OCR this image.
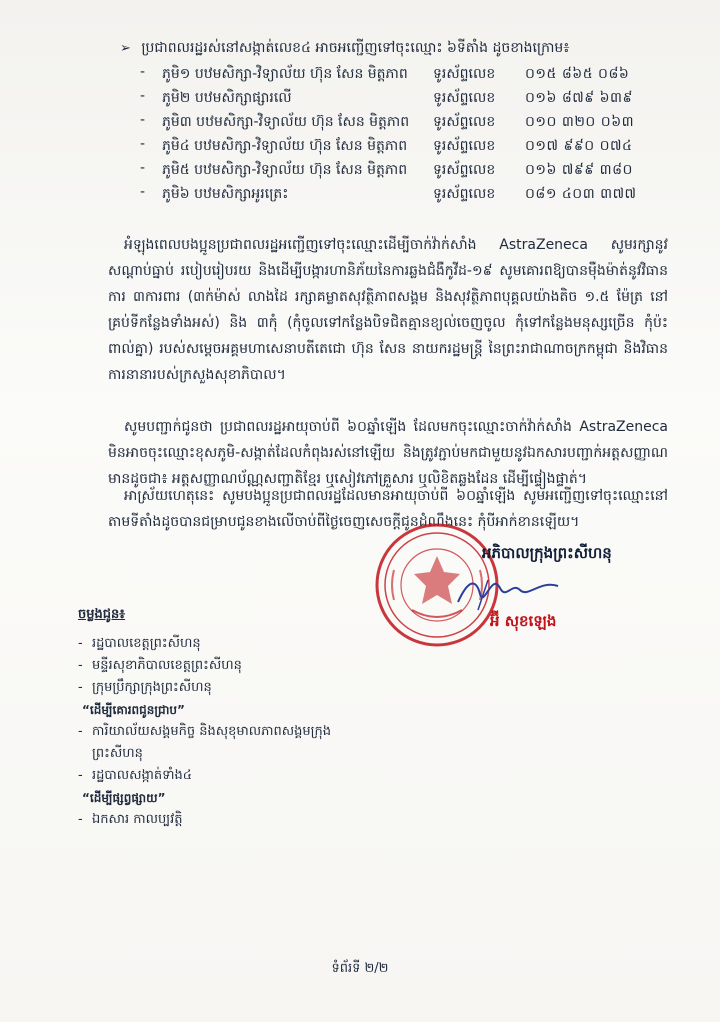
➢ ប្រជាពលរដ្ឋរស់នៅសង្កាត់លេខ៤ អាចអញ្ជើញទៅចុះឈ្មោះ ៦ទីតាំង ដូចខាងក្រោម៖
- ភូមិ១ បឋមសិក្សា-វិទ្យាល័យ ហ៊ុន សែន មិត្តភាព ទូរស័ព្ទលេខ ០១៥ ៨៦៥ ០៨៦
- ភូមិ២ បឋមសិក្សាផ្សារលើ	ទូរស័ព្ទលេខ ០១៦ ៨៧៩ ៦៣៩
- ភូមិ៣ បឋមសិក្សា-វិទ្យាល័យ ហ៊ុន សែន មិត្តភាព ទូរស័ព្ទលេខ ០១០ ៣២០ ០៦៣
- ភូមិ៤ បឋមសិក្សា-វិទ្យាល័យ ហ៊ុន សែន មិត្តភាព ទូរស័ព្ទលេខ ០១៧ ៩៩០ ០៧៤
- ភូមិ៥ បឋមសិក្សា-វិទ្យាល័យ ហ៊ុន សែន មិត្តភាព ទូរស័ព្ទលេខ ០១៦ ៧៩៩ ៣៨០
- ភូមិ៦ បឋមសិក្សាអូរត្រេះ	ទូរស័ព្ទលេខ ០៨១ ៤០៣ ៣៧៧
អំឡុងពេលបងប្អូនប្រជាពលរដ្ឋអញ្ជើញទៅចុះឈ្មោះដើម្បីចាក់វ៉ាក់សាំង AstraZeneca សូមរក្សានូវសណ្តាប់ធ្នាប់ របៀបរៀបរយ និងដើម្បីបង្ការហានិភ័យនៃការឆ្លងជំងឺកូវីដ-១៩ សូមគោរពឱ្យបានម៉ឺងម៉ាត់នូវវិធានការ ៣ការពារ (៣ក់ម៉ាស់ លាងដៃ រក្សាគម្លាតសុវត្ថិភាពសង្គម និងសុវត្ថិភាពបុគ្គលយ៉ាងតិច ១.៥ ម៉ែត្រ នៅគ្រប់ទីកន្លែងទាំងអស់) និង ៣កុំ (កុំចូលទៅកន្លែងបិទជិតគ្មានខ្យល់ចេញចូល កុំទៅកន្លែងមនុស្សច្រើន កុំប៉ះពាល់គ្នា) របស់សម្តេចអគ្គមហាសេនាបតីតេជោ ហ៊ុន សែន នាយករដ្ឋមន្ត្រី នៃព្រះរាជាណាចក្រកម្ពុជា និងវិធានការនានារបស់ក្រសួងសុខាភិបាល។
សូមបញ្ជាក់ជូនថា ប្រជាពលរដ្ឋអាយុចាប់ពី ៦០ឆ្នាំឡើង ដែលមកចុះឈ្មោះចាក់វ៉ាក់សាំង AstraZeneca មិនអាចចុះឈ្មោះខុសភូមិ-សង្កាត់ដែលកំពុងរស់នៅឡើយ និងត្រូវភ្ជាប់មកជាមួយនូវឯកសារបញ្ជាក់អត្តសញ្ញាណ មានដូចជា៖ អត្តសញ្ញាណប័ណ្ណសញ្ជាតិខ្មែរ ឬសៀវភៅគ្រួសារ ឬលិខិតឆ្លងដែន ដើម្បីផ្ទៀងផ្ទាត់។
អាស្រ័យហេតុនេះ សូមបងប្អូនប្រជាពលរដ្ឋដែលមានអាយុចាប់ពី ៦០ឆ្នាំឡើង សូមអញ្ជើញទៅចុះឈ្មោះនៅតាមទីតាំងដូចបានជម្រាបជូនខាងលើចាប់ពីថ្ងៃចេញសេចក្តីជូនដំណឹងនេះ កុំបីអាក់ខានឡើយ។
អភិបាលក្រុងព្រះសីហនុ
អ៊ី សុខឡេង
ចម្លងជូន៖
- រដ្ឋបាលខេត្តព្រះសីហនុ
- មន្ទីរសុខាភិបាលខេត្តព្រះសីហនុ
- ក្រុមប្រឹក្សាក្រុងព្រះសីហនុ
“ដើម្បីគោរពជូនជ្រាប”
- ការិយាល័យសង្គមកិច្ច និងសុខុមាលភាពសង្គមក្រុងព្រះសីហនុ
- រដ្ឋបាលសង្កាត់ទាំង៤
“ដើម្បីផ្សព្វផ្សាយ”
- ឯកសារ កាលប្បវត្តិ
ទំព័រទី ២/២
